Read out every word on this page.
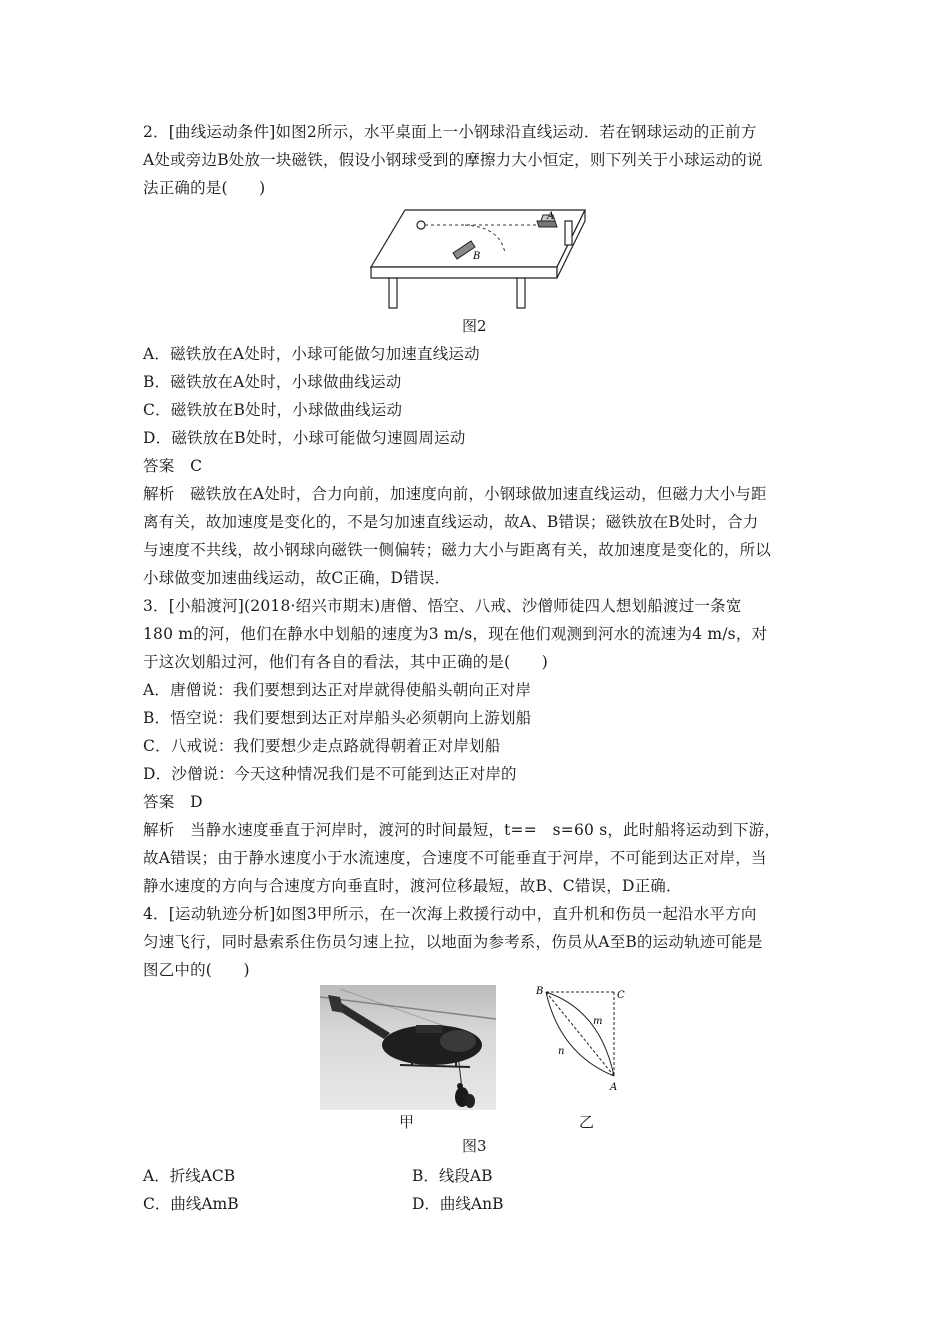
2．[曲线运动条件]如图2所示，水平桌面上一小钢球沿直线运动．若在钢球运动的正前方
A处或旁边B处放一块磁铁，假设小钢球受到的摩擦力大小恒定，则下列关于小球运动的说
法正确的是(　　)
A
B
图2
A．磁铁放在A处时，小球可能做匀加速直线运动
B．磁铁放在A处时，小球做曲线运动
C．磁铁放在B处时，小球做曲线运动
D．磁铁放在B处时，小球可能做匀速圆周运动
答案　C
解析　磁铁放在A处时，合力向前，加速度向前，小钢球做加速直线运动，但磁力大小与距
离有关，故加速度是变化的，不是匀加速直线运动，故A、B错误；磁铁放在B处时，合力
与速度不共线，故小钢球向磁铁一侧偏转；磁力大小与距离有关，故加速度是变化的，所以
小球做变加速曲线运动，故C正确，D错误．
3．[小船渡河](2018·绍兴市期末)唐僧、悟空、八戒、沙僧师徒四人想划船渡过一条宽
180 m的河，他们在静水中划船的速度为3 m/s，现在他们观测到河水的流速为4 m/s，对
于这次划船过河，他们有各自的看法，其中正确的是(　　)
A．唐僧说：我们要想到达正对岸就得使船头朝向正对岸
B．悟空说：我们要想到达正对岸船头必须朝向上游划船
C．八戒说：我们要想少走点路就得朝着正对岸划船
D．沙僧说：今天这种情况我们是不可能到达正对岸的
答案　D
解析　当静水速度垂直于河岸时，渡河的时间最短，t==　s=60 s，此时船将运动到下游，
故A错误；由于静水速度小于水流速度，合速度不可能垂直于河岸，不可能到达正对岸，当
静水速度的方向与合速度方向垂直时，渡河位移最短，故B、C错误，D正确．
4．[运动轨迹分析]如图3甲所示，在一次海上救援行动中，直升机和伤员一起沿水平方向
匀速飞行，同时悬索系住伤员匀速上拉，以地面为参考系，伤员从A至B的运动轨迹可能是
图乙中的(　　)
甲
B	C
m
n
A
乙
图3
A．折线ACB	B．线段AB
C．曲线AmB	D．曲线AnB
